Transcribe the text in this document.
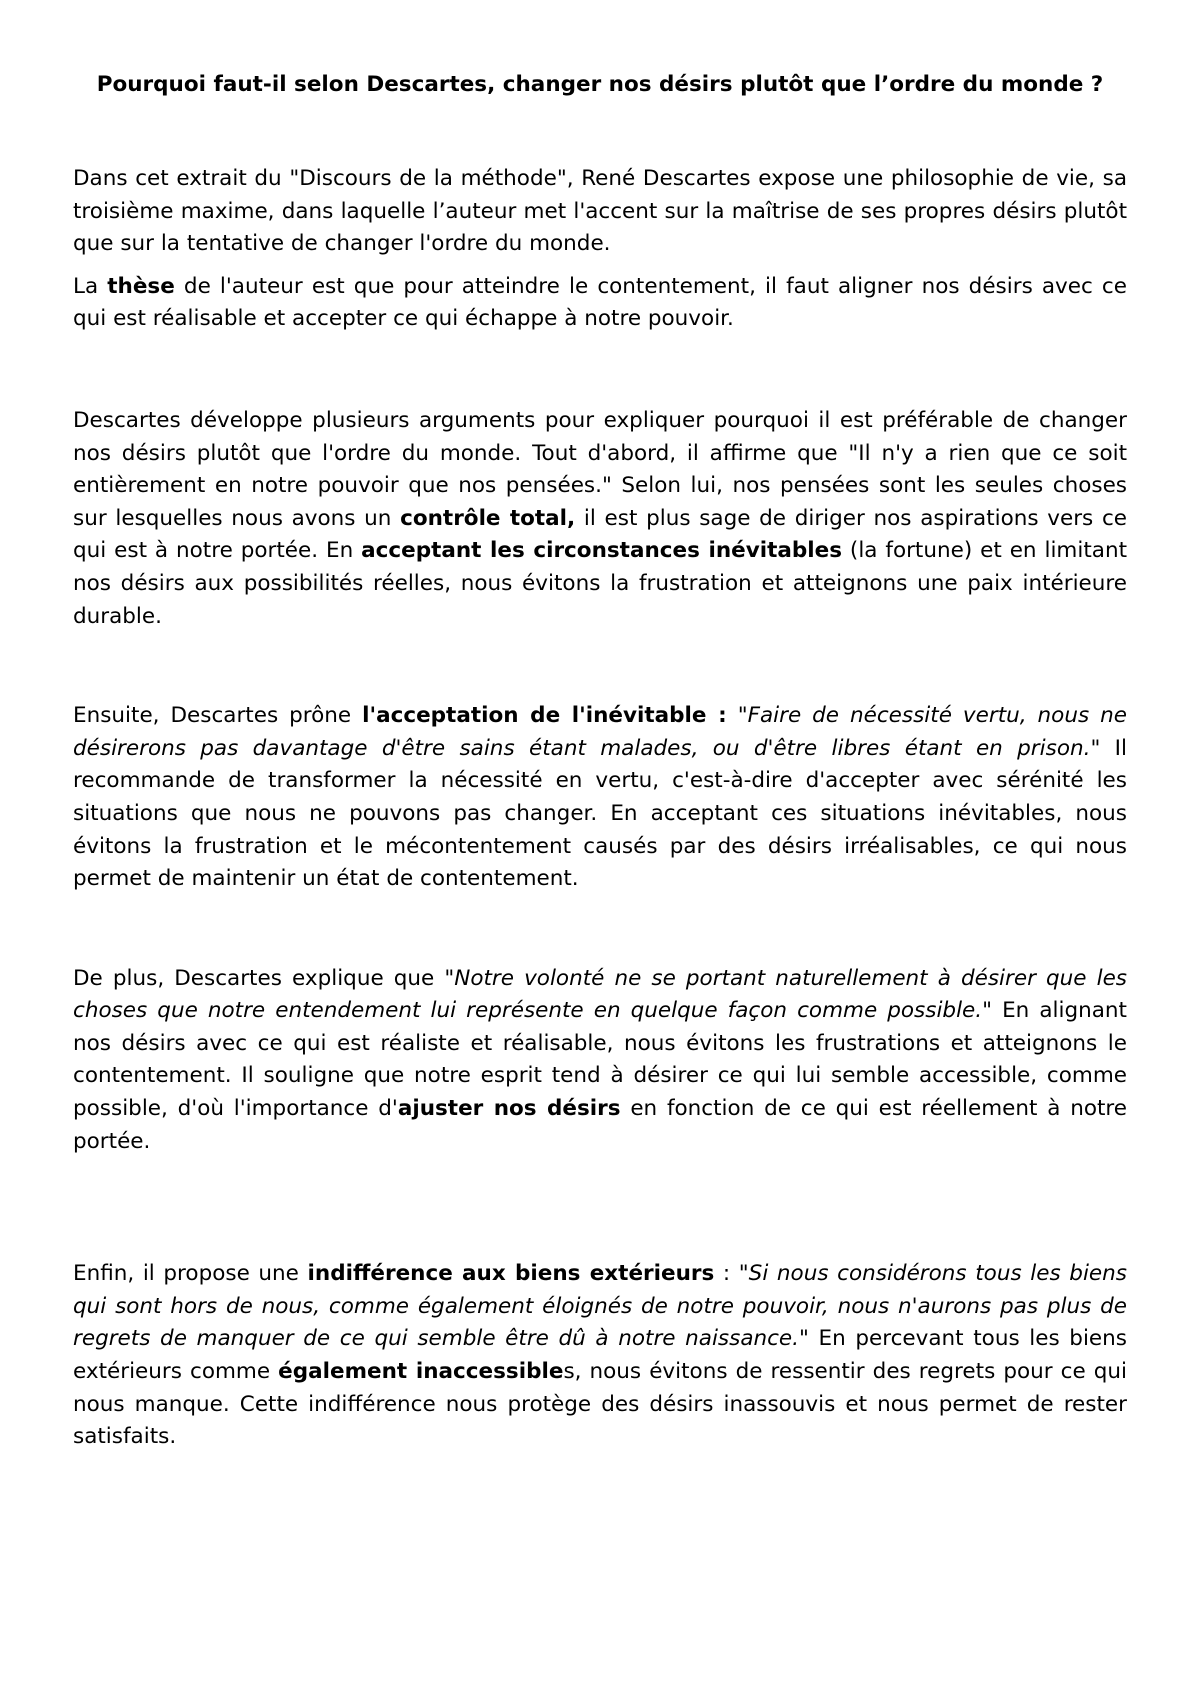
Pourquoi faut-il selon Descartes, changer nos désirs plutôt que l’ordre du monde ?

Dans cet extrait du "Discours de la méthode", René Descartes expose une philosophie de vie, sa troisième maxime, dans laquelle l’auteur met l'accent sur la maîtrise de ses propres désirs plutôt que sur la tentative de changer l'ordre du monde.

La thèse de l'auteur est que pour atteindre le contentement, il faut aligner nos désirs avec ce qui est réalisable et accepter ce qui échappe à notre pouvoir.

Descartes développe plusieurs arguments pour expliquer pourquoi il est préférable de changer nos désirs plutôt que l'ordre du monde. Tout d'abord, il affirme que "Il n'y a rien que ce soit entièrement en notre pouvoir que nos pensées." Selon lui, nos pensées sont les seules choses sur lesquelles nous avons un contrôle total, il est plus sage de diriger nos aspirations vers ce qui est à notre portée. En acceptant les circonstances inévitables (la fortune) et en limitant nos désirs aux possibilités réelles, nous évitons la frustration et atteignons une paix intérieure durable.

Ensuite, Descartes prône l'acceptation de l'inévitable : "Faire de nécessité vertu, nous ne désirerons pas davantage d'être sains étant malades, ou d'être libres étant en prison." Il recommande de transformer la nécessité en vertu, c'est-à-dire d'accepter avec sérénité les situations que nous ne pouvons pas changer. En acceptant ces situations inévitables, nous évitons la frustration et le mécontentement causés par des désirs irréalisables, ce qui nous permet de maintenir un état de contentement.

De plus, Descartes explique que "Notre volonté ne se portant naturellement à désirer que les choses que notre entendement lui représente en quelque façon comme possible." En alignant nos désirs avec ce qui est réaliste et réalisable, nous évitons les frustrations et atteignons le contentement. Il souligne que notre esprit tend à désirer ce qui lui semble accessible, comme possible, d'où l'importance d'ajuster nos désirs en fonction de ce qui est réellement à notre portée.

Enfin, il propose une indifférence aux biens extérieurs : "Si nous considérons tous les biens qui sont hors de nous, comme également éloignés de notre pouvoir, nous n'aurons pas plus de regrets de manquer de ce qui semble être dû à notre naissance." En percevant tous les biens extérieurs comme également inaccessibles, nous évitons de ressentir des regrets pour ce qui nous manque. Cette indifférence nous protège des désirs inassouvis et nous permet de rester satisfaits.
